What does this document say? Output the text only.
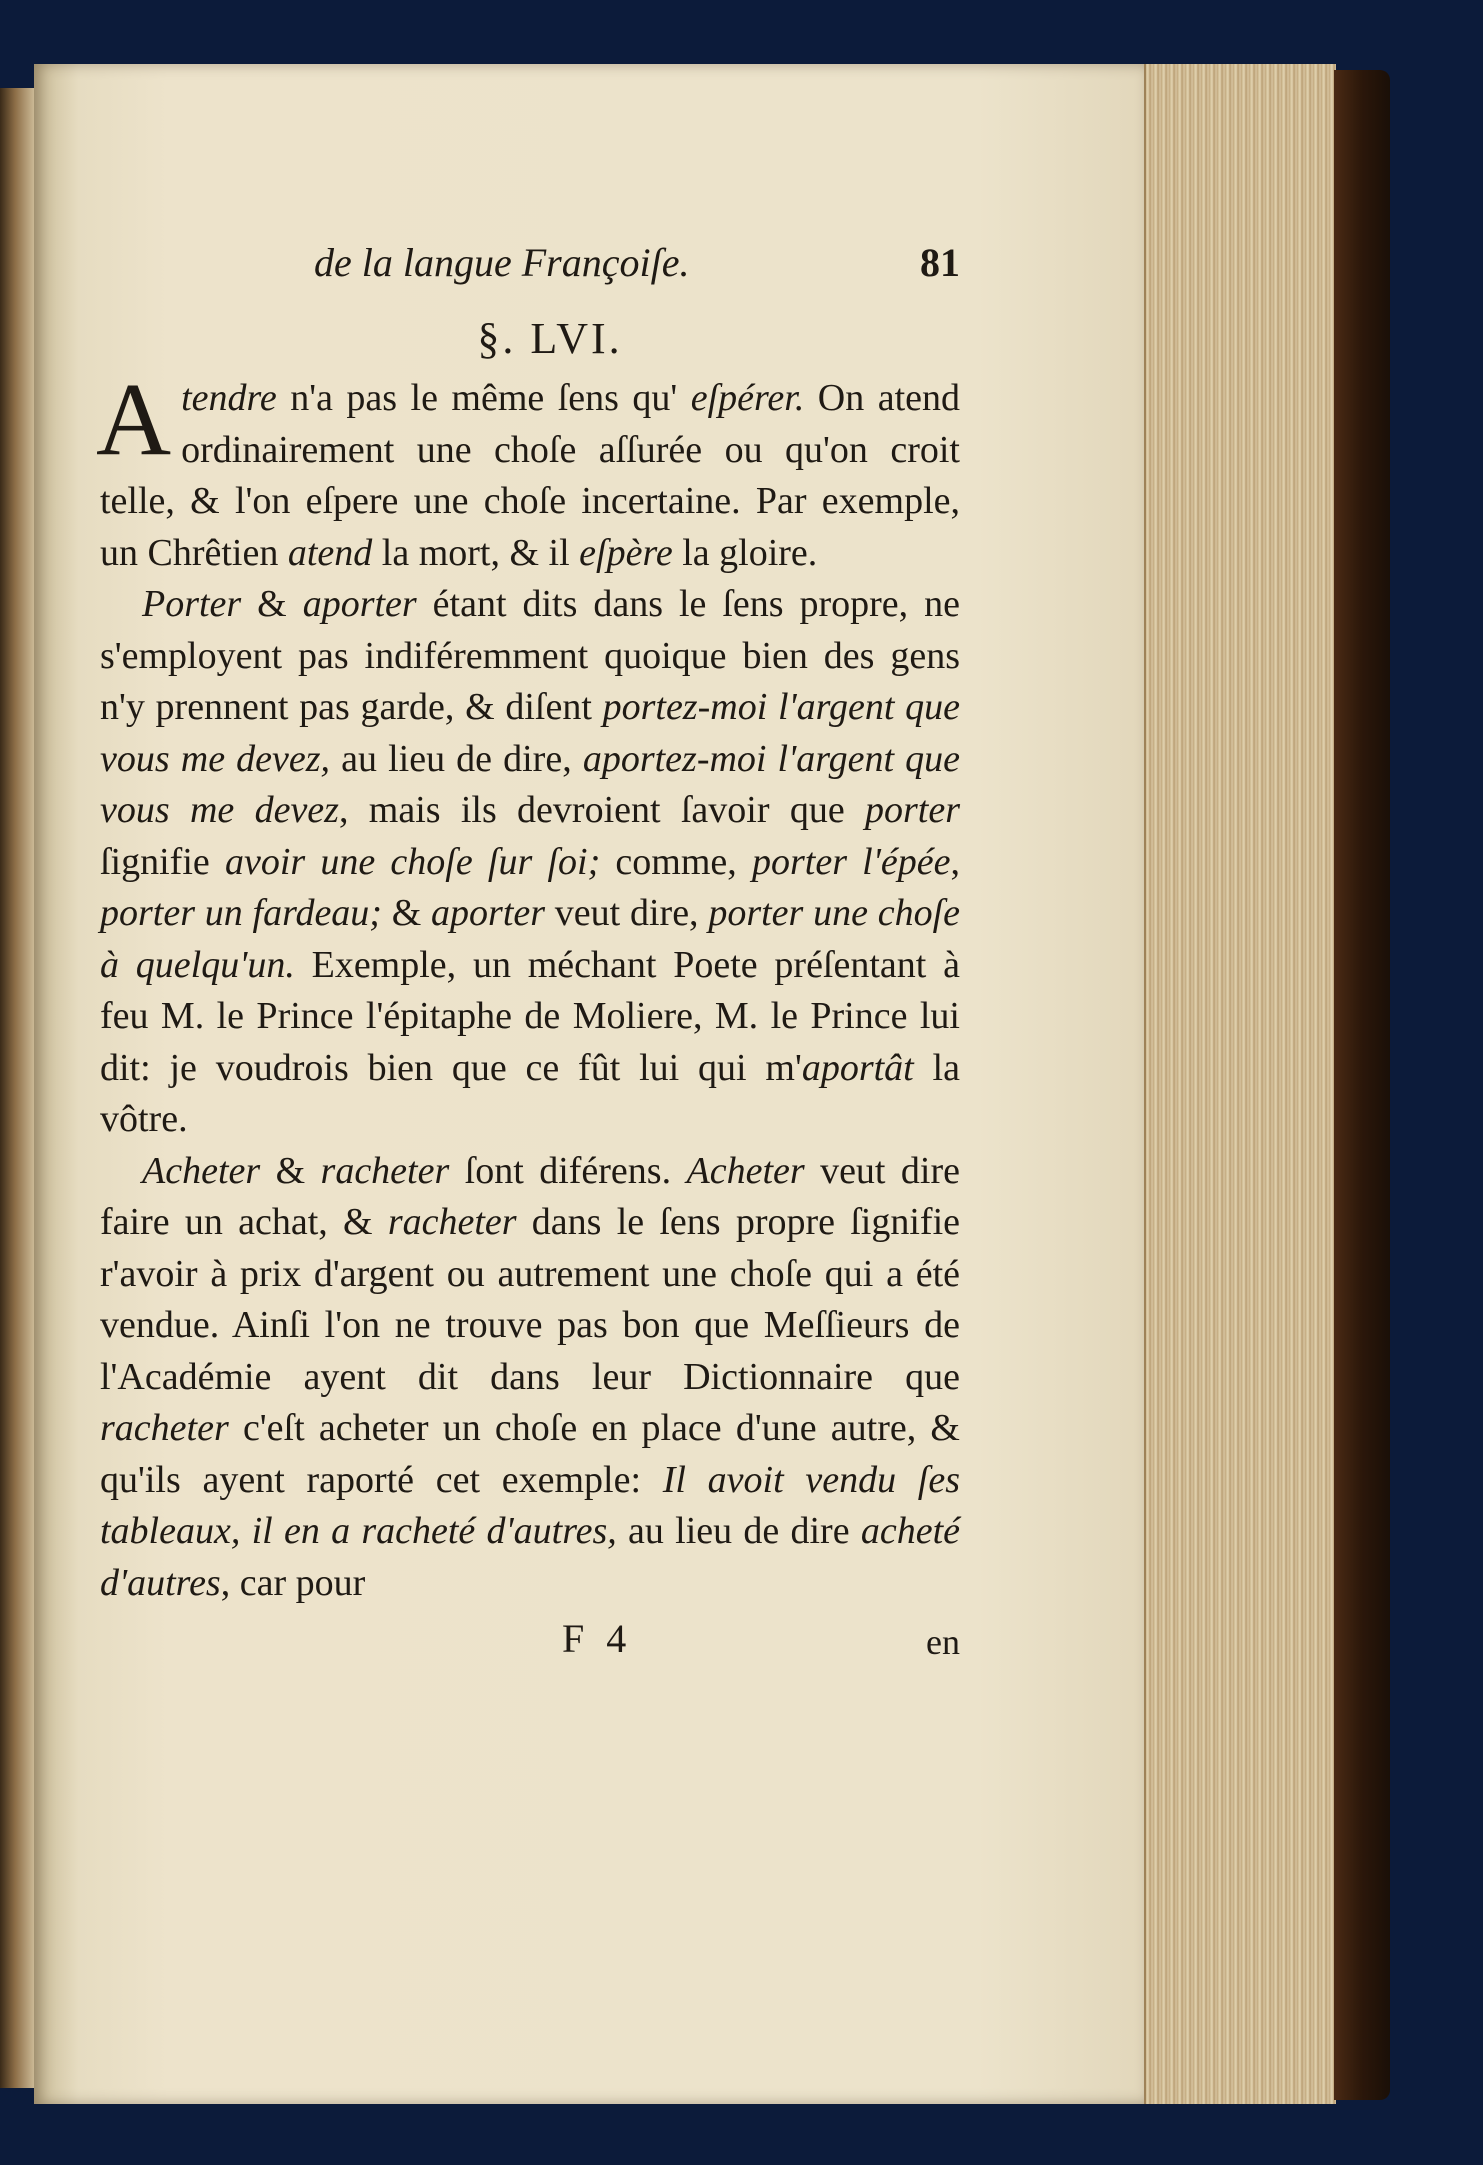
de la langue Françoiſe.	81
§. LVI.

Atendre n'a pas le même ſens qu' eſpérer. On atend ordinairement une choſe aſſurée ou qu'on croit telle, & l'on eſpere une choſe incertaine. Par exemple, un Chrêtien atend la mort, & il eſpère la gloire.

Porter & aporter étant dits dans le ſens propre, ne s'employent pas indiféremment quoique bien des gens n'y prennent pas garde, & diſent portez-moi l'argent que vous me devez, au lieu de dire, aportez-moi l'argent que vous me devez, mais ils devroient ſavoir que porter ſignifie avoir une choſe ſur ſoi; comme, porter l'épée, porter un fardeau; & aporter veut dire, porter une choſe à quelqu'un. Exemple, un méchant Poete préſentant à feu M. le Prince l'épitaphe de Moliere, M. le Prince lui dit: je voudrois bien que ce fût lui qui m'aportât la vôtre.

Acheter & racheter ſont diférens. Acheter veut dire faire un achat, & racheter dans le ſens propre ſignifie r'avoir à prix d'argent ou autrement une choſe qui a été vendue. Ainſi l'on ne trouve pas bon que Meſſieurs de l'Académie ayent dit dans leur Dictionnaire que racheter c'eſt acheter un choſe en place d'une autre, & qu'ils ayent raporté cet exemple: Il avoit vendu ſes tableaux, il en a racheté d'autres, au lieu de dire acheté d'autres, car pour

F 4	en
